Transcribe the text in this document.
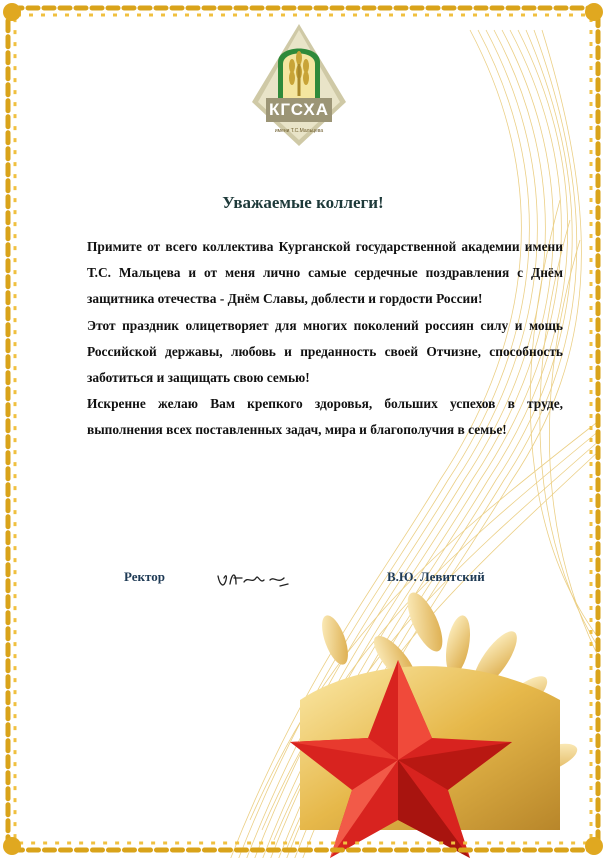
КГСХА
имени Т.С.Мальцева
Уважаемые коллеги!

Примите от всего коллектива Курганской государственной академии имени Т.С. Мальцева и от меня лично самые сердечные поздравления с Днём защитника отечества - Днём Славы, доблести и гордости России!

Этот праздник олицетворяет для многих поколений россиян силу и мощь Российской державы, любовь и преданность своей Отчизне, способность заботиться и защищать свою семью!

Искренне желаю Вам крепкого здоровья, больших успехов в труде, выполнения всех поставленных задач, мира и благополучия в семье!

Ректор	В.Ю. Левитский
